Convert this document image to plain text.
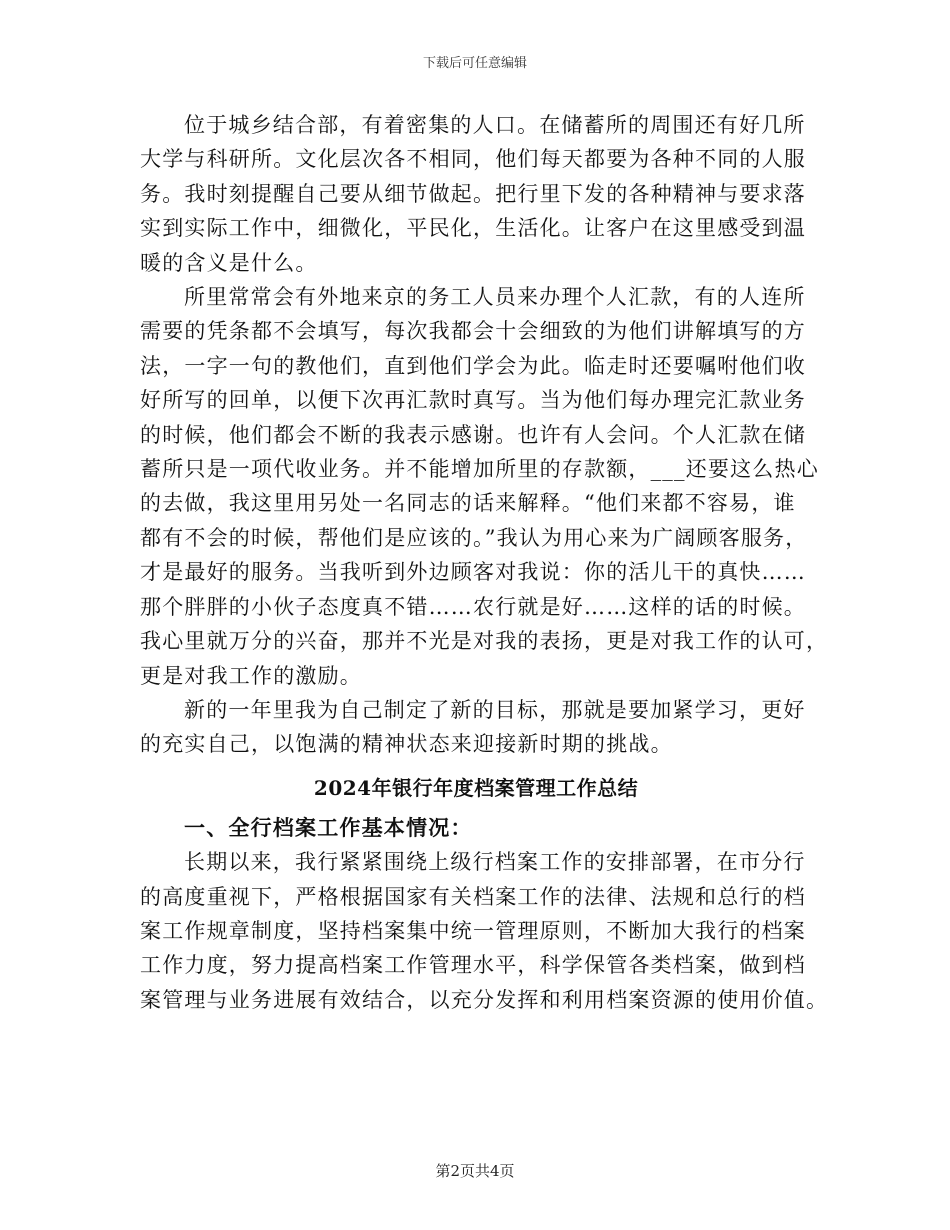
下载后可任意编辑
位于城乡结合部，有着密集的人口。在储蓄所的周围还有好几所
大学与科研所。文化层次各不相同，他们每天都要为各种不同的人服
务。我时刻提醒自己要从细节做起。把行里下发的各种精神与要求落
实到实际工作中，细微化，平民化，生活化。让客户在这里感受到温
暖的含义是什么。
所里常常会有外地来京的务工人员来办理个人汇款，有的人连所
需要的凭条都不会填写，每次我都会十会细致的为他们讲解填写的方
法，一字一句的教他们，直到他们学会为此。临走时还要嘱咐他们收
好所写的回单，以便下次再汇款时真写。当为他们每办理完汇款业务
的时候，他们都会不断的我表示感谢。也许有人会问。个人汇款在储
蓄所只是一项代收业务。并不能增加所里的存款额，___还要这么热心
的去做，我这里用另处一名同志的话来解释。“他们来都不容易，谁
都有不会的时候，帮他们是应该的。”我认为用心来为广阔顾客服务，
才是最好的服务。当我听到外边顾客对我说：你的活儿干的真快……
那个胖胖的小伙子态度真不错……农行就是好……这样的话的时候。
我心里就万分的兴奋，那并不光是对我的表扬，更是对我工作的认可，
更是对我工作的激励。
新的一年里我为自己制定了新的目标，那就是要加紧学习，更好
的充实自己，以饱满的精神状态来迎接新时期的挑战。
2024年银行年度档案管理工作总结
一、全行档案工作基本情况：
长期以来，我行紧紧围绕上级行档案工作的安排部署，在市分行
的高度重视下，严格根据国家有关档案工作的法律、法规和总行的档
案工作规章制度，坚持档案集中统一管理原则，不断加大我行的档案
工作力度，努力提高档案工作管理水平，科学保管各类档案，做到档
案管理与业务进展有效结合，以充分发挥和利用档案资源的使用价值。
第2页共4页
